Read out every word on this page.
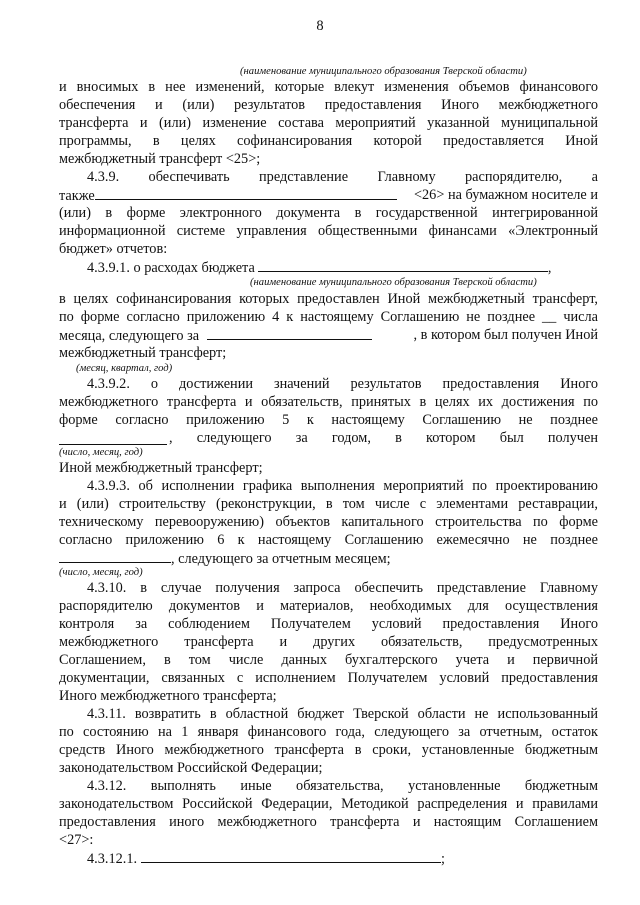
8
(наименование муниципального образования Тверской области)
и вносимых в нее изменений, которые влекут изменения объемов финансового
обеспечения и (или) результатов предоставления Иного межбюджетного
трансферта и (или) изменение состава мероприятий указанной муниципальной
программы, в целях софинансирования которой предоставляется Иной
межбюджетный трансферт <25>;
4.3.9. обеспечивать представление Главному распорядителю, а
также	<26> на бумажном носителе и
(или) в форме электронного документа в государственной интегрированной
информационной системе управления общественными финансами «Электронный
бюджет» отчетов:
4.3.9.1. о расходах бюджета	,
(наименование муниципального образования Тверской области)
в целях софинансирования которых предоставлен Иной межбюджетный трансферт,
по форме согласно приложению 4 к настоящему Соглашению не позднее __ числа
месяца, следующего за	, в котором был получен Иной
межбюджетный трансферт;
(месяц, квартал, год)
4.3.9.2. о достижении значений результатов предоставления Иного
межбюджетного трансферта и обязательств, принятых в целях их достижения по
форме согласно приложению 5 к настоящему Соглашению не позднее
, следующего за годом, в котором был получен
(число, месяц, год)
Иной межбюджетный трансферт;
4.3.9.3. об исполнении графика выполнения мероприятий по проектированию
и (или) строительству (реконструкции, в том числе с элементами реставрации,
техническому перевооружению) объектов капитального строительства по форме
согласно приложению 6 к настоящему Соглашению ежемесячно не позднее
, следующего за отчетным месяцем;
(число, месяц, год)
4.3.10. в случае получения запроса обеспечить представление Главному
распорядителю документов и материалов, необходимых для осуществления
контроля за соблюдением Получателем условий предоставления Иного
межбюджетного трансферта и других обязательств, предусмотренных
Соглашением, в том числе данных бухгалтерского учета и первичной
документации, связанных с исполнением Получателем условий предоставления
Иного межбюджетного трансферта;
4.3.11. возвратить в областной бюджет Тверской области не использованный
по состоянию на 1 января финансового года, следующего за отчетным, остаток
средств Иного межбюджетного трансферта в сроки, установленные бюджетным
законодательством Российской Федерации;
4.3.12. выполнять иные обязательства, установленные бюджетным
законодательством Российской Федерации, Методикой распределения и правилами
предоставления иного межбюджетного трансферта и настоящим Соглашением
<27>:
4.3.12.1.	;
